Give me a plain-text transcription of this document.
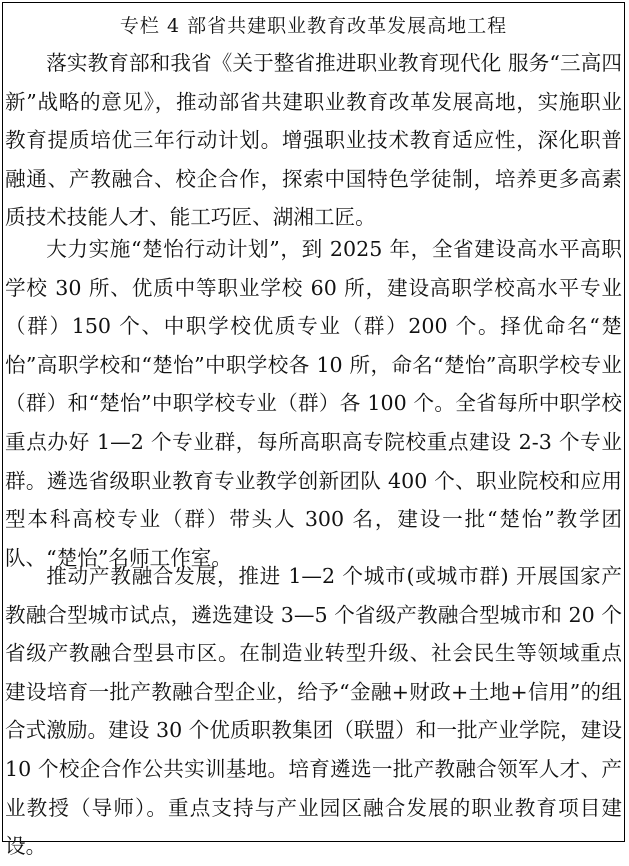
专栏 4 部省共建职业教育改革发展高地工程

落实教育部和我省《关于整省推进职业教育现代化 服务“三高四新”战略的意见》，推动部省共建职业教育改革发展高地，实施职业教育提质培优三年行动计划。增强职业技术教育适应性，深化职普融通、产教融合、校企合作，探索中国特色学徒制，培养更多高素质技术技能人才、能工巧匠、湖湘工匠。

大力实施“楚怡行动计划”，到 2025 年，全省建设高水平高职学校 30 所、优质中等职业学校 60 所，建设高职学校高水平专业（群）150 个、中职学校优质专业（群）200 个。择优命名“楚怡”高职学校和“楚怡”中职学校各 10 所，命名“楚怡”高职学校专业（群）和“楚怡”中职学校专业（群）各 100 个。全省每所中职学校重点办好 1—2 个专业群，每所高职高专院校重点建设 2-3 个专业群。遴选省级职业教育专业教学创新团队 400 个、职业院校和应用型本科高校专业（群）带头人 300 名，建设一批“楚怡”教学团队、“楚怡”名师工作室。

推动产教融合发展，推进 1—2 个城市(或城市群) 开展国家产教融合型城市试点，遴选建设 3—5 个省级产教融合型城市和 20 个省级产教融合型县市区。在制造业转型升级、社会民生等领域重点建设培育一批产教融合型企业，给予“金融+财政+土地+信用”的组合式激励。建设 30 个优质职教集团（联盟）和一批产业学院，建设 10 个校企合作公共实训基地。培育遴选一批产教融合领军人才、产业教授（导师）。重点支持与产业园区融合发展的职业教育项目建设。
